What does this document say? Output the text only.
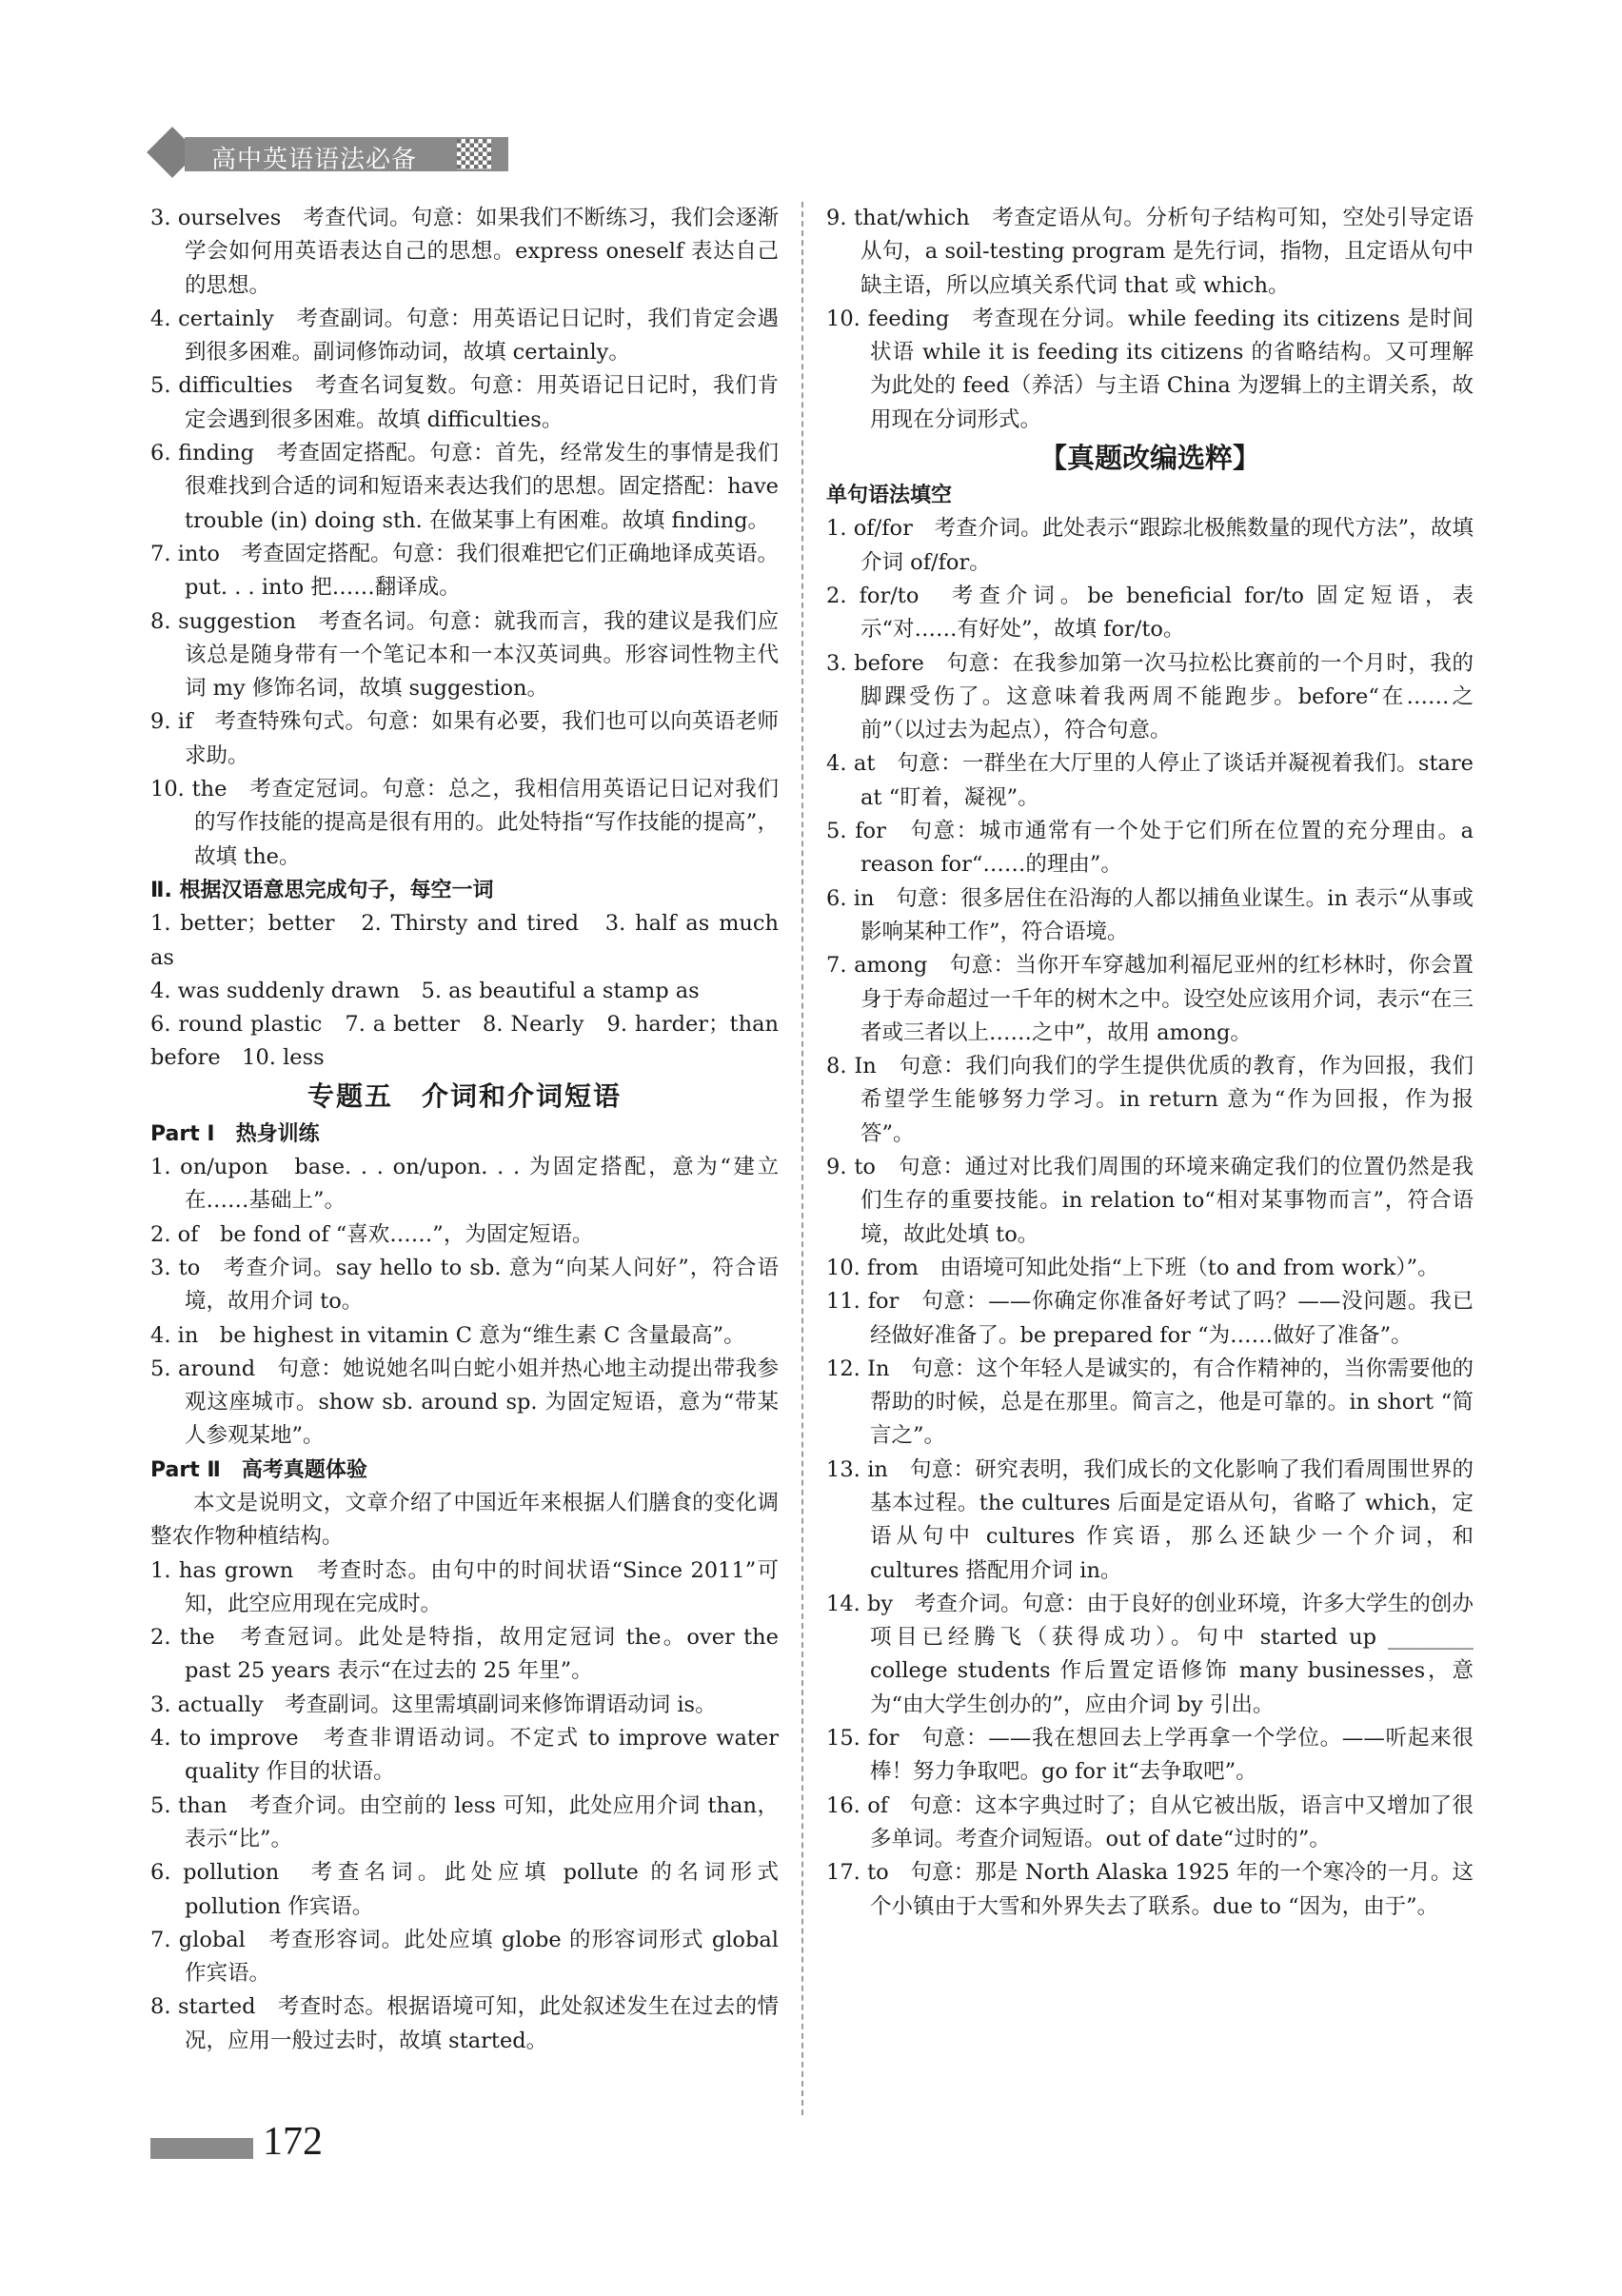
高中英语语法必备

3. ourselves　考查代词。句意：如果我们不断练习，我们会逐渐学会如何用英语表达自己的思想。express oneself 表达自己的思想。

4. certainly　考查副词。句意：用英语记日记时，我们肯定会遇到很多困难。副词修饰动词，故填 certainly。

5. difficulties　考查名词复数。句意：用英语记日记时，我们肯定会遇到很多困难。故填 difficulties。

6. finding　考查固定搭配。句意：首先，经常发生的事情是我们很难找到合适的词和短语来表达我们的思想。固定搭配：have trouble (in) doing sth. 在做某事上有困难。故填 finding。

7. into　考查固定搭配。句意：我们很难把它们正确地译成英语。put. . . into 把……翻译成。

8. suggestion　考查名词。句意：就我而言，我的建议是我们应该总是随身带有一个笔记本和一本汉英词典。形容词性物主代词 my 修饰名词，故填 suggestion。

9. if　考查特殊句式。句意：如果有必要，我们也可以向英语老师求助。

10. the　考查定冠词。句意：总之，我相信用英语记日记对我们的写作技能的提高是很有用的。此处特指“写作技能的提高”，故填 the。

Ⅱ. 根据汉语意思完成句子，每空一词

1. better；better　2. Thirsty and tired　3. half as much as

4. was suddenly drawn　5. as beautiful a stamp as

6. round plastic　7. a better　8. Nearly　9. harder；than before　10. less

专题五　介词和介词短语

Part Ⅰ　热身训练

1. on/upon　base. . . on/upon. . . 为固定搭配，意为“建立在……基础上”。

2. of　be fond of “喜欢……”，为固定短语。

3. to　考查介词。say hello to sb. 意为“向某人问好”，符合语境，故用介词 to。

4. in　be highest in vitamin C 意为“维生素 C 含量最高”。

5. around　句意：她说她名叫白蛇小姐并热心地主动提出带我参观这座城市。show sb. around sp. 为固定短语，意为“带某人参观某地”。

Part Ⅱ　高考真题体验

本文是说明文，文章介绍了中国近年来根据人们膳食的变化调整农作物种植结构。

1. has grown　考查时态。由句中的时间状语“Since 2011”可知，此空应用现在完成时。

2. the　考查冠词。此处是特指，故用定冠词 the。over the past 25 years 表示“在过去的 25 年里”。

3. actually　考查副词。这里需填副词来修饰谓语动词 is。

4. to improve　考查非谓语动词。不定式 to improve water quality 作目的状语。

5. than　考查介词。由空前的 less 可知，此处应用介词 than，表示“比”。

6. pollution　考查名词。此处应填 pollute 的名词形式 pollution 作宾语。

7. global　考查形容词。此处应填 globe 的形容词形式 global 作宾语。

8. started　考查时态。根据语境可知，此处叙述发生在过去的情况，应用一般过去时，故填 started。

9. that/which　考查定语从句。分析句子结构可知，空处引导定语从句，a soil-testing program 是先行词，指物，且定语从句中缺主语，所以应填关系代词 that 或 which。

10. feeding　考查现在分词。while feeding its citizens 是时间状语 while it is feeding its citizens 的省略结构。又可理解为此处的 feed（养活）与主语 China 为逻辑上的主谓关系，故用现在分词形式。

【真题改编选粹】

单句语法填空

1. of/for　考查介词。此处表示“跟踪北极熊数量的现代方法”，故填介词 of/for。

2. for/to　考查介词。be beneficial for/to 固定短语，表示“对……有好处”，故填 for/to。

3. before　句意：在我参加第一次马拉松比赛前的一个月时，我的脚踝受伤了。这意味着我两周不能跑步。before“在……之前”（以过去为起点），符合句意。

4. at　句意：一群坐在大厅里的人停止了谈话并凝视着我们。stare at “盯着，凝视”。

5. for　句意：城市通常有一个处于它们所在位置的充分理由。a reason for“……的理由”。

6. in　句意：很多居住在沿海的人都以捕鱼业谋生。in 表示“从事或影响某种工作”，符合语境。

7. among　句意：当你开车穿越加利福尼亚州的红杉林时，你会置身于寿命超过一千年的树木之中。设空处应该用介词，表示“在三者或三者以上……之中”，故用 among。

8. In　句意：我们向我们的学生提供优质的教育，作为回报，我们希望学生能够努力学习。in return 意为“作为回报，作为报答”。

9. to　句意：通过对比我们周围的环境来确定我们的位置仍然是我们生存的重要技能。in relation to“相对某事物而言”，符合语境，故此处填 to。

10. from　由语境可知此处指“上下班（to and from work）”。

11. for　句意：——你确定你准备好考试了吗？——没问题。我已经做好准备了。be prepared for “为……做好了准备”。

12. In　句意：这个年轻人是诚实的，有合作精神的，当你需要他的帮助的时候，总是在那里。简言之，他是可靠的。in short “简言之”。

13. in　句意：研究表明，我们成长的文化影响了我们看周围世界的基本过程。the cultures 后面是定语从句，省略了 which，定语从句中 cultures 作宾语，那么还缺少一个介词，和 cultures 搭配用介词 in。

14. by　考查介词。句意：由于良好的创业环境，许多大学生的创办项目已经腾飞（获得成功）。句中 started up ________ college students 作后置定语修饰 many businesses，意为“由大学生创办的”，应由介词 by 引出。

15. for　句意：——我在想回去上学再拿一个学位。——听起来很棒！努力争取吧。go for it“去争取吧”。

16. of　句意：这本字典过时了；自从它被出版，语言中又增加了很多单词。考查介词短语。out of date“过时的”。

17. to　句意：那是 North Alaska 1925 年的一个寒冷的一月。这个小镇由于大雪和外界失去了联系。due to “因为，由于”。

172
